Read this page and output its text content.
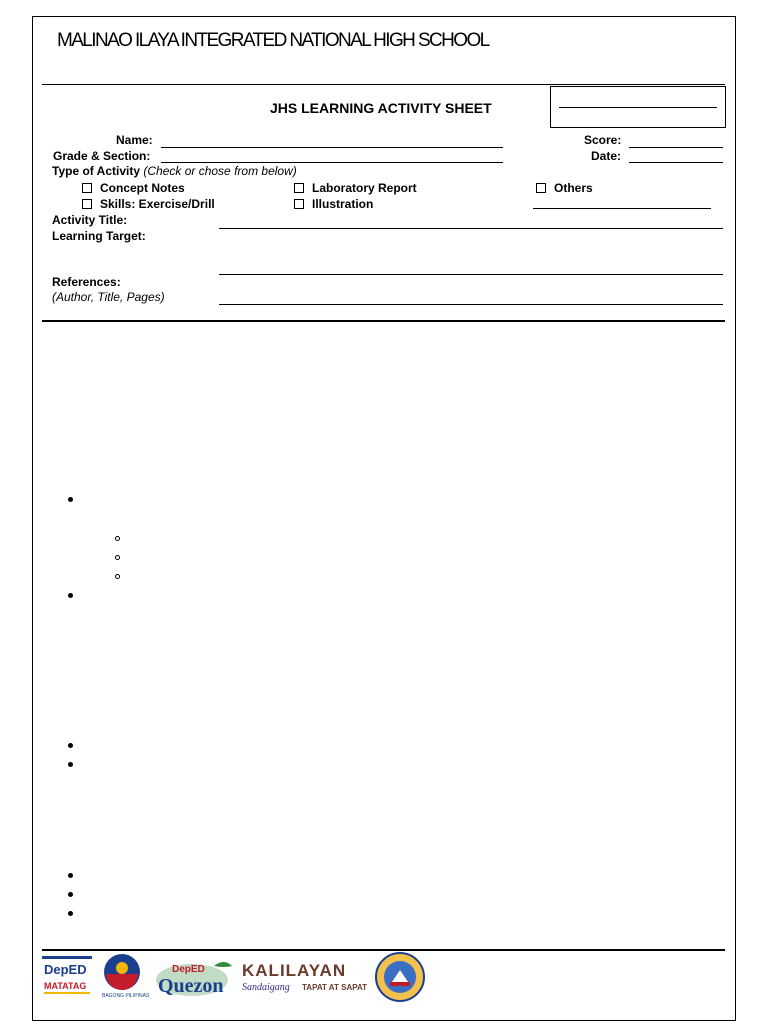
MALINAO ILAYA INTEGRATED NATIONAL HIGH SCHOOL
JHS LEARNING ACTIVITY SHEET
Name:
Grade & Section:
Score:
Date:
Type of Activity (Check or chose from below)
Concept Notes
Skills: Exercise/Drill
Laboratory Report
Illustration
Others
Activity Title:
Learning Target:
References:
(Author, Title, Pages)
DepED
MATATAG
BAGONG PILIPINAS
DepED
Quezon
KALILAYAN
Sandaigang TAPAT AT SAPAT
